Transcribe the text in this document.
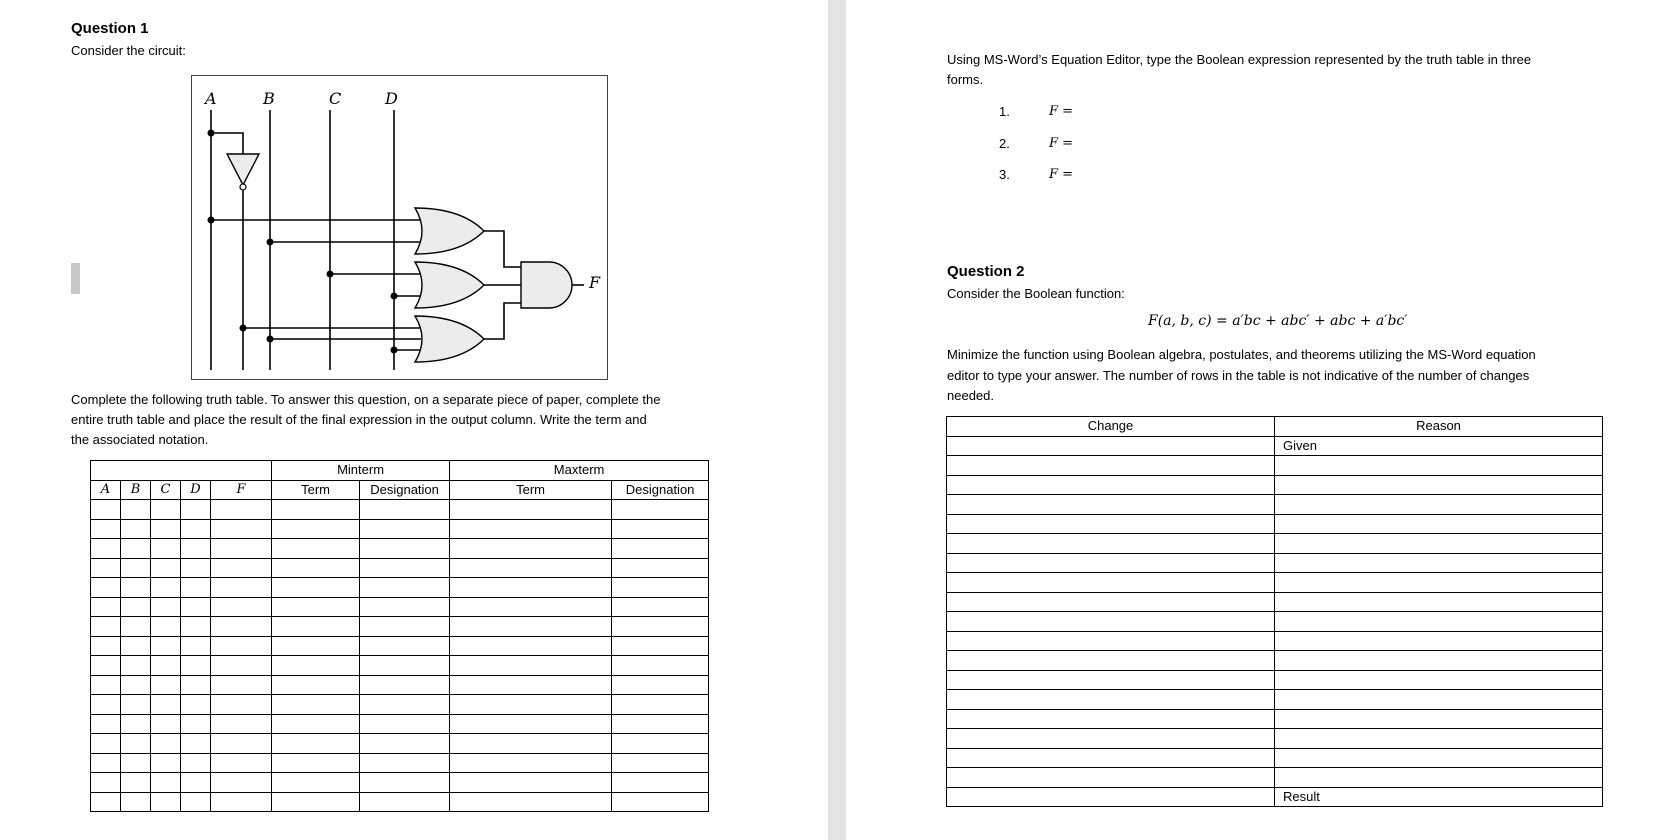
Question 1
Consider the circuit:
A	B	C	D
F
Complete the following truth table. To answer this question, on a separate piece of paper, complete the
entire truth table and place the result of the final expression in the output column. Write the term and
the associated notation.
					Minterm		Maxterm	
A	B	C	D	F	Term	Designation	Term	Designation

Using MS-Word’s Equation Editor, type the Boolean expression represented by the truth table in three
forms.
1.	F =
2.	F =
3.	F =
Question 2
Consider the Boolean function:
Minimize the function using Boolean algebra, postulates, and theorems utilizing the MS-Word equation
editor to type your answer. The number of rows in the table is not indicative of the number of changes
needed.
F(a, b, c) = a′bc + abc′ + abc + a′bc′
Change	Reason
	Given

	Result
